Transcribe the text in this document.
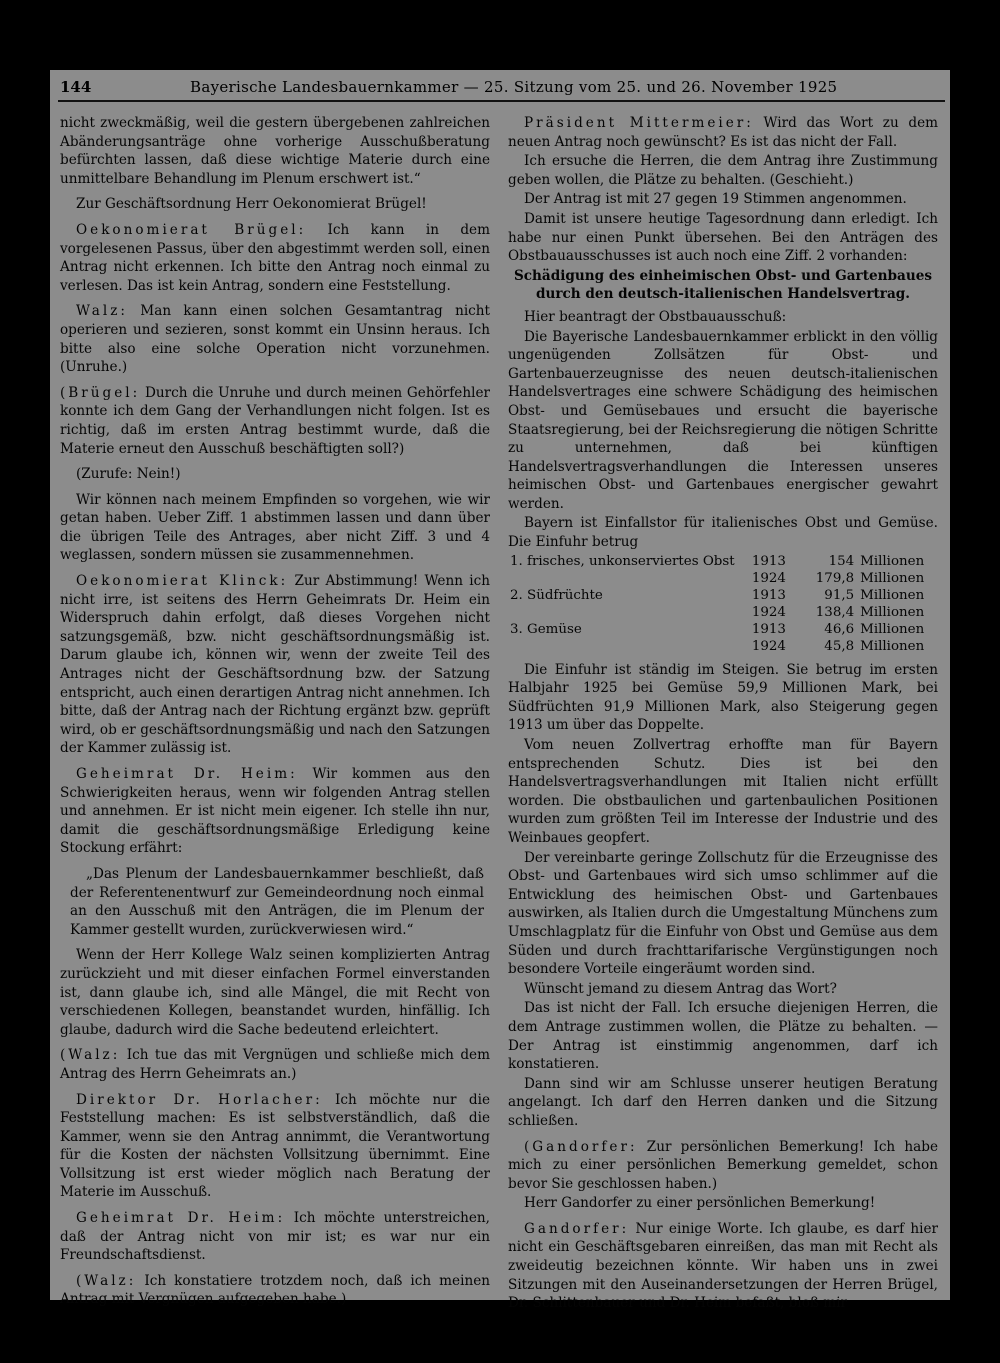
144	Bayerische Landesbauernkammer — 25. Sitzung vom 25. und 26. November 1925

nicht zweckmäßig, weil die gestern übergebenen zahlreichen Abänderungsanträge ohne vorherige Ausschußberatung befürchten lassen, daß diese wichtige Materie durch eine unmittelbare Behandlung im Plenum erschwert ist.“

Zur Geschäftsordnung Herr Oekonomierat Brügel!

Oekonomierat Brügel: Ich kann in dem vorgelesenen Passus, über den abgestimmt werden soll, einen Antrag nicht erkennen. Ich bitte den Antrag noch einmal zu verlesen. Das ist kein Antrag, sondern eine Feststellung.

Walz: Man kann einen solchen Gesamtantrag nicht operieren und sezieren, sonst kommt ein Unsinn heraus. Ich bitte also eine solche Operation nicht vorzunehmen. (Unruhe.)

(Brügel: Durch die Unruhe und durch meinen Gehörfehler konnte ich dem Gang der Verhandlungen nicht folgen. Ist es richtig, daß im ersten Antrag bestimmt wurde, daß die Materie erneut den Ausschuß beschäftigten soll?)

(Zurufe: Nein!)

Wir können nach meinem Empfinden so vorgehen, wie wir getan haben. Ueber Ziff. 1 abstimmen lassen und dann über die übrigen Teile des Antrages, aber nicht Ziff. 3 und 4 weglassen, sondern müssen sie zusammennehmen.

Oekonomierat Klinck: Zur Abstimmung! Wenn ich nicht irre, ist seitens des Herrn Geheimrats Dr. Heim ein Widerspruch dahin erfolgt, daß dieses Vorgehen nicht satzungsgemäß, bzw. nicht geschäftsordnungsmäßig ist. Darum glaube ich, können wir, wenn der zweite Teil des Antrages nicht der Geschäftsordnung bzw. der Satzung entspricht, auch einen derartigen Antrag nicht annehmen. Ich bitte, daß der Antrag nach der Richtung ergänzt bzw. geprüft wird, ob er geschäftsordnungsmäßig und nach den Satzungen der Kammer zulässig ist.

Geheimrat Dr. Heim: Wir kommen aus den Schwierigkeiten heraus, wenn wir folgenden Antrag stellen und annehmen. Er ist nicht mein eigener. Ich stelle ihn nur, damit die geschäftsordnungsmäßige Erledigung keine Stockung erfährt:

„Das Plenum der Landesbauernkammer beschließt, daß der Referentenentwurf zur Gemeindeordnung noch einmal an den Ausschuß mit den Anträgen, die im Plenum der Kammer gestellt wurden, zurückverwiesen wird.“

Wenn der Herr Kollege Walz seinen komplizierten Antrag zurückzieht und mit dieser einfachen Formel einverstanden ist, dann glaube ich, sind alle Mängel, die mit Recht von verschiedenen Kollegen, beanstandet wurden, hinfällig. Ich glaube, dadurch wird die Sache bedeutend erleichtert.

(Walz: Ich tue das mit Vergnügen und schließe mich dem Antrag des Herrn Geheimrats an.)

Direktor Dr. Horlacher: Ich möchte nur die Feststellung machen: Es ist selbstverständlich, daß die Kammer, wenn sie den Antrag annimmt, die Verantwortung für die Kosten der nächsten Vollsitzung übernimmt. Eine Vollsitzung ist erst wieder möglich nach Beratung der Materie im Ausschuß.

Geheimrat Dr. Heim: Ich möchte unterstreichen, daß der Antrag nicht von mir ist; es war nur ein Freundschaftsdienst.

(Walz: Ich konstatiere trotzdem noch, daß ich meinen Antrag mit Vergnügen aufgegeben habe.)

Präsident Mittermeier: Wird das Wort zu dem neuen Antrag noch gewünscht? Es ist das nicht der Fall.

Ich ersuche die Herren, die dem Antrag ihre Zustimmung geben wollen, die Plätze zu behalten. (Geschieht.)

Der Antrag ist mit 27 gegen 19 Stimmen angenommen.

Damit ist unsere heutige Tagesordnung dann erledigt. Ich habe nur einen Punkt übersehen. Bei den Anträgen des Obstbauausschusses ist auch noch eine Ziff. 2 vorhanden:

Schädigung des einheimischen Obst- und Gartenbaues durch den deutsch-italienischen Handelsvertrag.

Hier beantragt der Obstbauausschuß:

Die Bayerische Landesbauernkammer erblickt in den völlig ungenügenden Zollsätzen für Obst- und Gartenbauerzeugnisse des neuen deutsch-italienischen Handelsvertrages eine schwere Schädigung des heimischen Obst- und Gemüsebaues und ersucht die bayerische Staatsregierung, bei der Reichsregierung die nötigen Schritte zu unternehmen, daß bei künftigen Handelsvertragsverhandlungen die Interessen unseres heimischen Obst- und Gartenbaues energischer gewahrt werden.

Bayern ist Einfallstor für italienisches Obst und Gemüse. Die Einfuhr betrug

1. frisches, unkonserviertes Obst	1913	154	Millionen
	1924	179,8	Millionen
2. Südfrüchte	1913	91,5	Millionen
	1924	138,4	Millionen
3. Gemüse	1913	46,6	Millionen
	1924	45,8	Millionen

Die Einfuhr ist ständig im Steigen. Sie betrug im ersten Halbjahr 1925 bei Gemüse 59,9 Millionen Mark, bei Südfrüchten 91,9 Millionen Mark, also Steigerung gegen 1913 um über das Doppelte.

Vom neuen Zollvertrag erhoffte man für Bayern entsprechenden Schutz. Dies ist bei den Handelsvertragsverhandlungen mit Italien nicht erfüllt worden. Die obstbaulichen und gartenbaulichen Positionen wurden zum größten Teil im Interesse der Industrie und des Weinbaues geopfert.

Der vereinbarte geringe Zollschutz für die Erzeugnisse des Obst- und Gartenbaues wird sich umso schlimmer auf die Entwicklung des heimischen Obst- und Gartenbaues auswirken, als Italien durch die Umgestaltung Münchens zum Umschlagplatz für die Einfuhr von Obst und Gemüse aus dem Süden und durch frachttarifarische Vergünstigungen noch besondere Vorteile eingeräumt worden sind.

Wünscht jemand zu diesem Antrag das Wort?

Das ist nicht der Fall. Ich ersuche diejenigen Herren, die dem Antrage zustimmen wollen, die Plätze zu behalten. — Der Antrag ist einstimmig angenommen, darf ich konstatieren.

Dann sind wir am Schlusse unserer heutigen Beratung angelangt. Ich darf den Herren danken und die Sitzung schließen.

(Gandorfer: Zur persönlichen Bemerkung! Ich habe mich zu einer persönlichen Bemerkung gemeldet, schon bevor Sie geschlossen haben.)

Herr Gandorfer zu einer persönlichen Bemerkung!

Gandorfer: Nur einige Worte. Ich glaube, es darf hier nicht ein Geschäftsgebaren einreißen, das man mit Recht als zweideutig bezeichnen könnte. Wir haben uns in zwei Sitzungen mit den Auseinandersetzungen der Herren Brügel, Dr. Schlittenbauer und Dr. Heim befaßt, bloß mir
